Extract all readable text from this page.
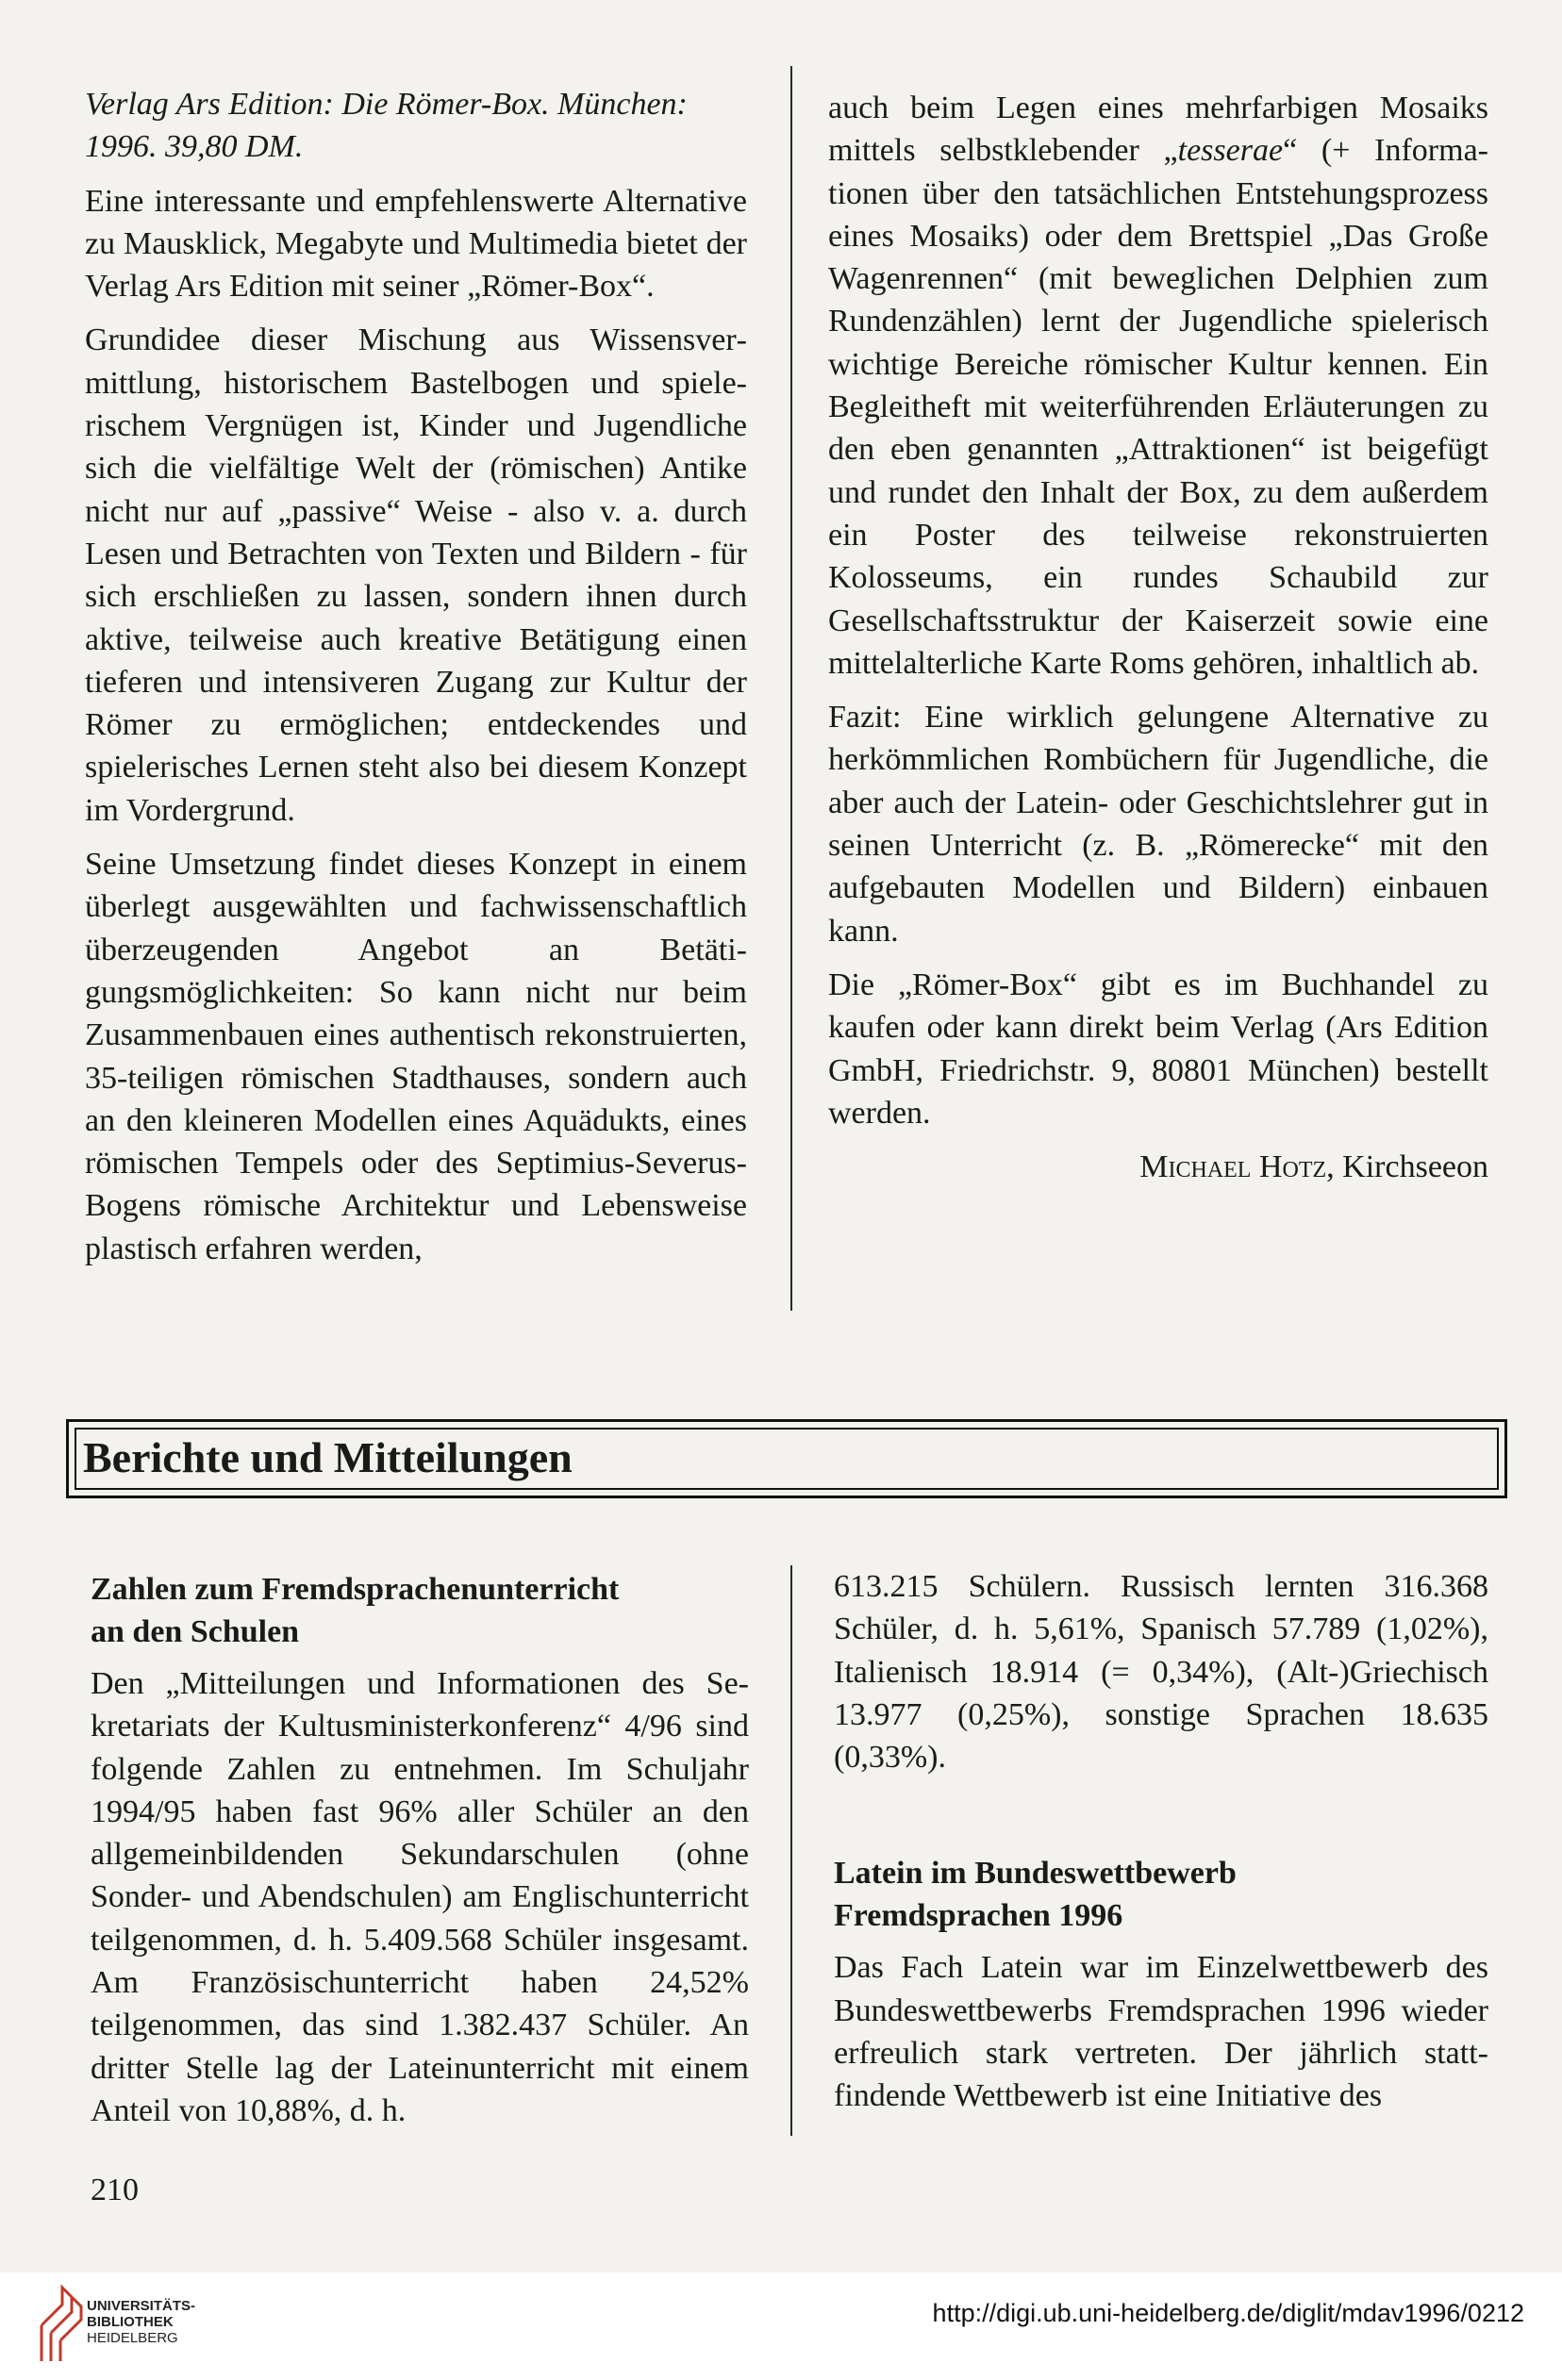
Verlag Ars Edition: Die Römer-Box. München: 1996. 39,80 DM.

Eine interessante und empfehlenswerte Alternative zu Mausklick, Megabyte und Multimedia bietet der Verlag Ars Edition mit seiner „Römer-Box“.

Grundidee dieser Mischung aus Wissensvermittlung, historischem Bastelbogen und spielerischem Vergnügen ist, Kinder und Jugendliche sich die vielfältige Welt der (römischen) Antike nicht nur auf „passive“ Weise - also v. a. durch Lesen und Betrachten von Texten und Bildern - für sich erschließen zu lassen, sondern ihnen durch aktive, teilweise auch kreative Betätigung einen tieferen und intensiveren Zugang zur Kultur der Römer zu ermöglichen; entdeckendes und spielerisches Lernen steht also bei diesem Konzept im Vordergrund.

Seine Umsetzung findet dieses Konzept in einem überlegt ausgewählten und fachwissenschaftlich überzeugenden Angebot an Betätigungsmöglichkeiten: So kann nicht nur beim Zusammenbauen eines authentisch rekonstruierten, 35-teiligen römischen Stadthauses, sondern auch an den kleineren Modellen eines Aquädukts, eines römischen Tempels oder des Septimius-Severus-Bogens römische Architektur und Lebensweise plastisch erfahren werden,

auch beim Legen eines mehrfarbigen Mosaiks mittels selbstklebender „tesserae“ (+ Informationen über den tatsächlichen Entstehungsprozess eines Mosaiks) oder dem Brettspiel „Das Große Wagenrennen“ (mit beweglichen Delphien zum Rundenzählen) lernt der Jugendliche spielerisch wichtige Bereiche römischer Kultur kennen. Ein Begleitheft mit weiterführenden Erläuterungen zu den eben genannten „Attraktionen“ ist beigefügt und rundet den Inhalt der Box, zu dem außerdem ein Poster des teilweise rekonstruierten Kolosseums, ein rundes Schaubild zur Gesellschaftsstruktur der Kaiserzeit sowie eine mittelalterliche Karte Roms gehören, inhaltlich ab.

Fazit: Eine wirklich gelungene Alternative zu herkömmlichen Rombüchern für Jugendliche, die aber auch der Latein- oder Geschichtslehrer gut in seinen Unterricht (z. B. „Römerecke“ mit den aufgebauten Modellen und Bildern) einbauen kann.

Die „Römer-Box“ gibt es im Buchhandel zu kaufen oder kann direkt beim Verlag (Ars Edition GmbH, Friedrichstr. 9, 80801 München) bestellt werden.

Michael Hotz, Kirchseeon

Berichte und Mitteilungen
Zahlen zum Fremdsprachenunterricht
an den Schulen

Den „Mitteilungen und Informationen des Sekretariats der Kultusministerkonferenz“ 4/96 sind folgende Zahlen zu entnehmen. Im Schuljahr 1994/95 haben fast 96% aller Schüler an den allgemeinbildenden Sekundarschulen (ohne Sonder- und Abendschulen) am Englischunterricht teilgenommen, d. h. 5.409.568 Schüler insgesamt. Am Französischunterricht haben 24,52% teilgenommen, das sind 1.382.437 Schüler. An dritter Stelle lag der Lateinunterricht mit einem Anteil von 10,88%, d. h.

613.215 Schülern. Russisch lernten 316.368 Schüler, d. h. 5,61%, Spanisch 57.789 (1,02%), Italienisch 18.914 (= 0,34%), (Alt-)Griechisch 13.977 (0,25%), sonstige Sprachen 18.635 (0,33%).

Latein im Bundeswettbewerb
Fremdsprachen 1996

Das Fach Latein war im Einzelwettbewerb des Bundeswettbewerbs Fremdsprachen 1996 wieder erfreulich stark vertreten. Der jährlich stattfindende Wettbewerb ist eine Initiative des

210
UNIVERSITÄTS-
BIBLIOTHEK
HEIDELBERG
http://digi.ub.uni-heidelberg.de/diglit/mdav1996/0212
